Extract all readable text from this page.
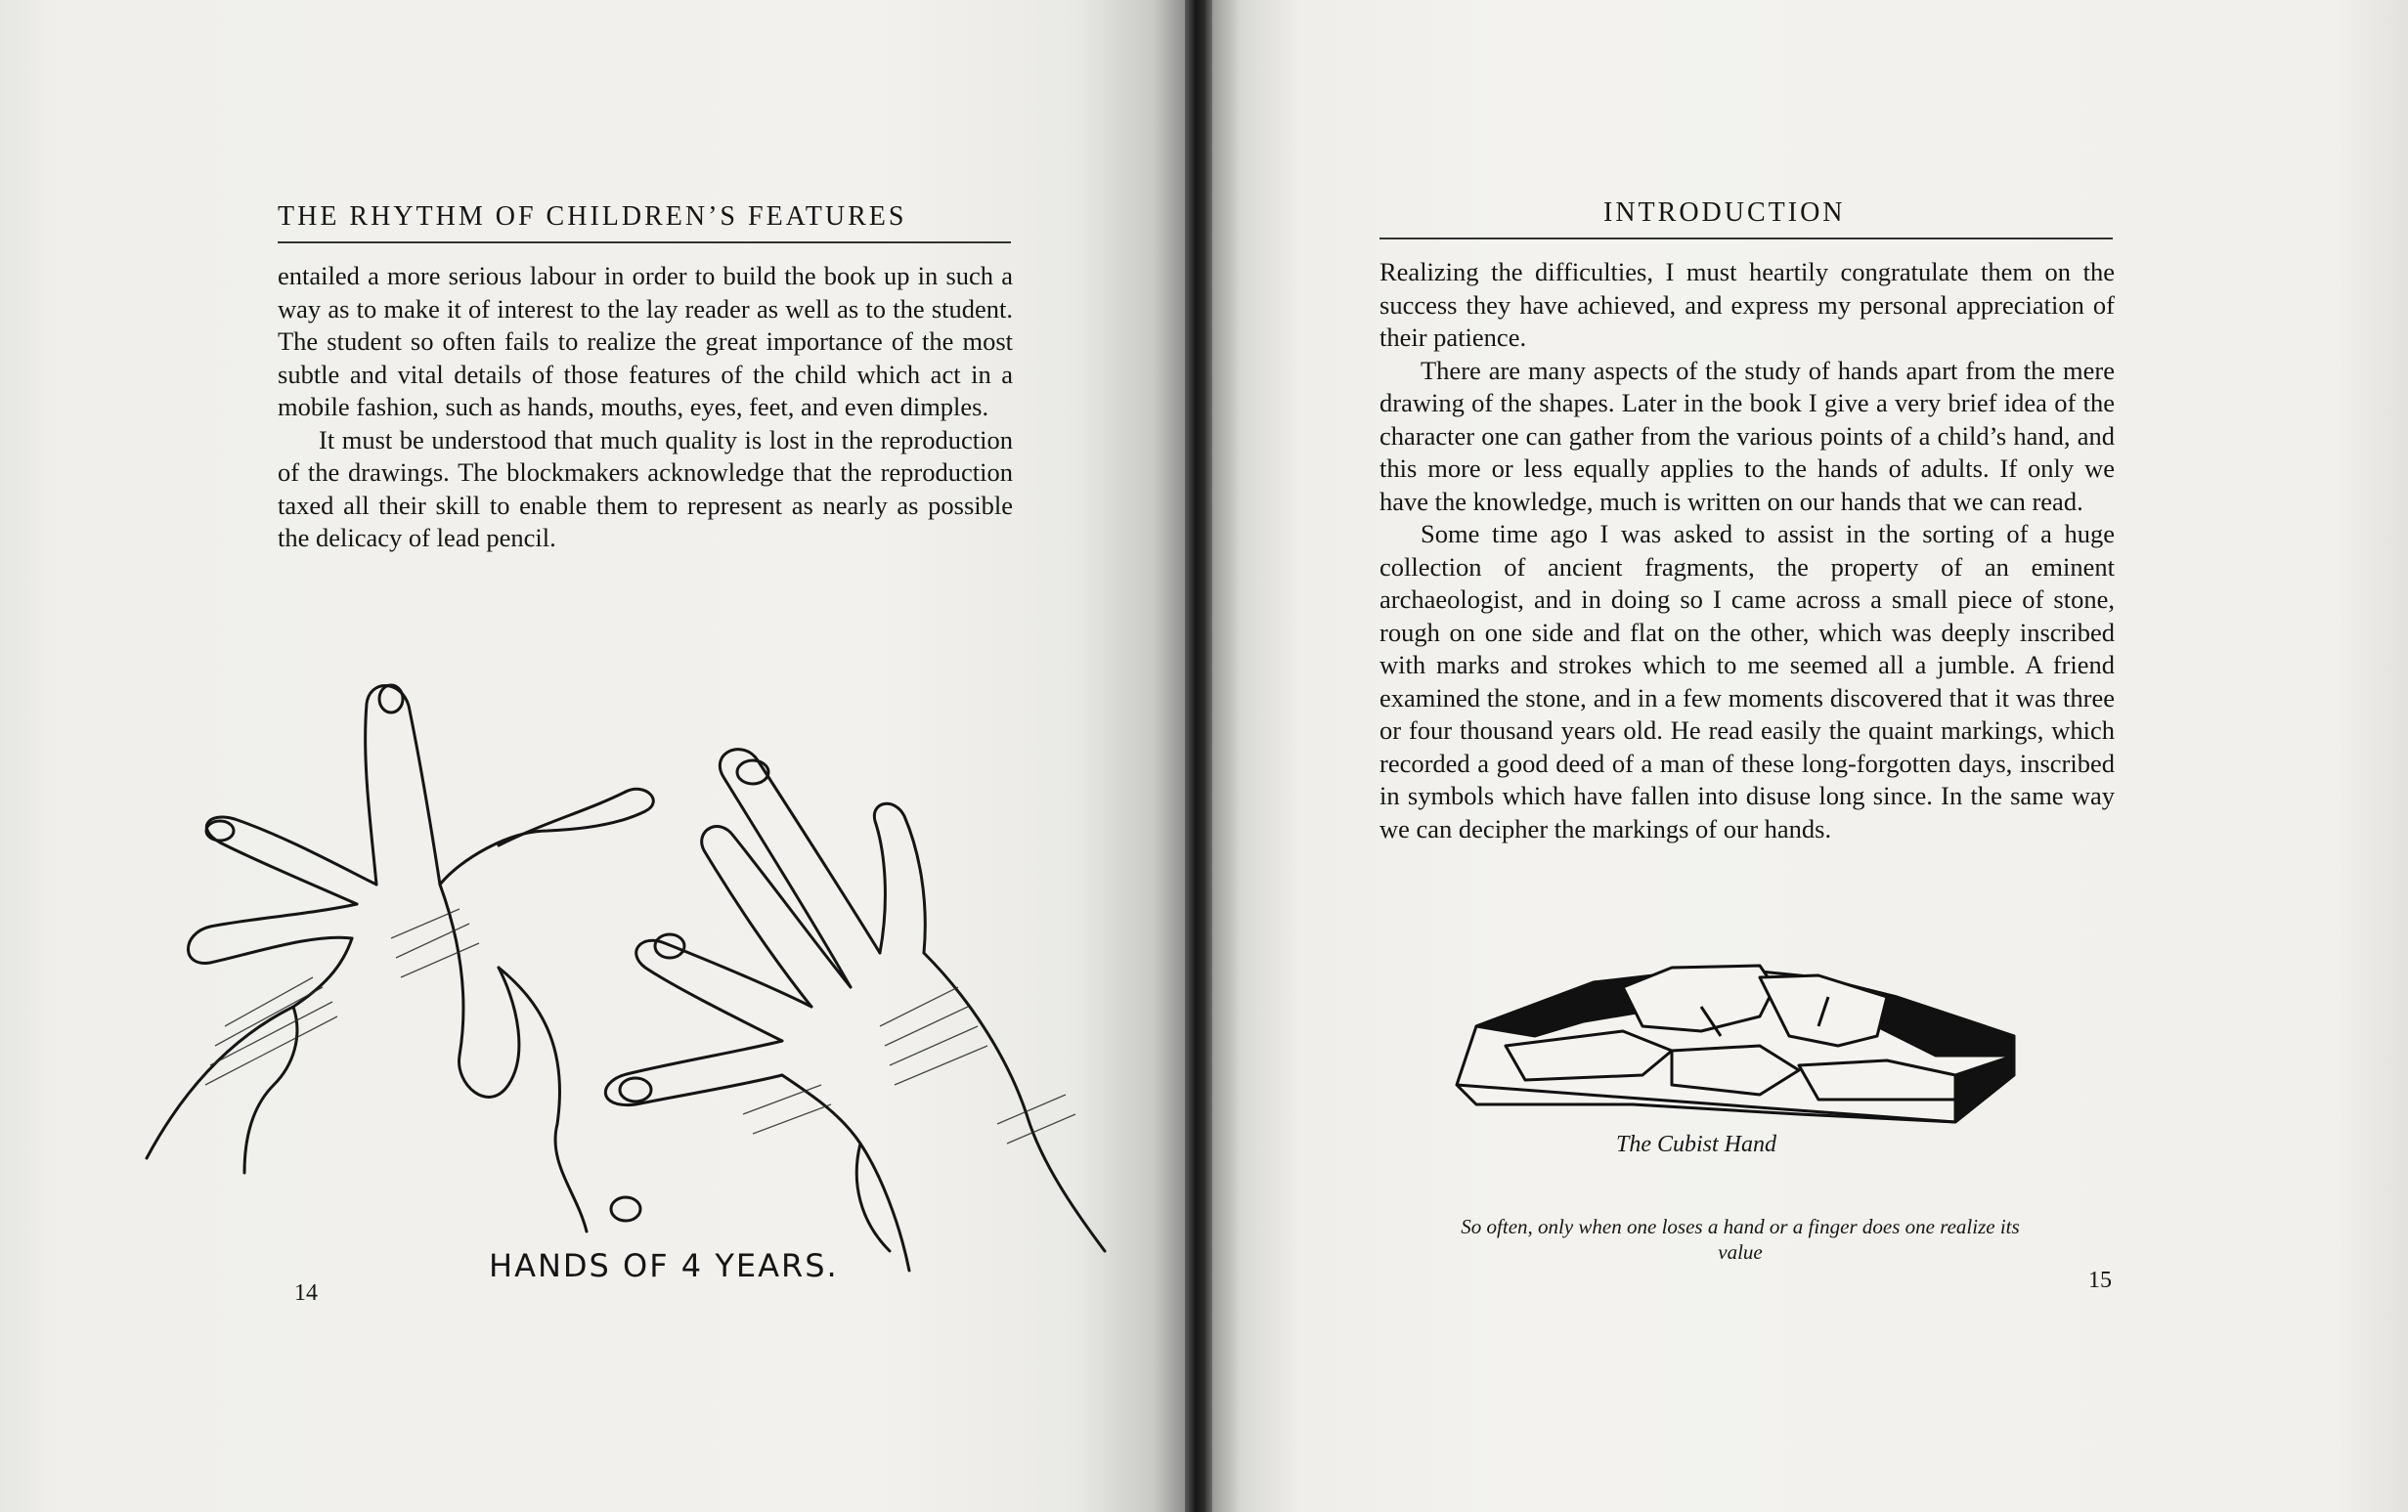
THE RHYTHM OF CHILDREN’S FEATURES

entailed a more serious labour in order to build the book up in such a way as to make it of interest to the lay reader as well as to the student. The student so often fails to realize the great importance of the most subtle and vital details of those features of the child which act in a mobile fashion, such as hands, mouths, eyes, feet, and even dimples.

It must be understood that much quality is lost in the reproduction of the drawings. The blockmakers acknowledge that the reproduction taxed all their skill to enable them to represent as nearly as possible the delicacy of lead pencil.

HANDS OF 4 YEARS.
14
INTRODUCTION

Realizing the difficulties, I must heartily congratulate them on the success they have achieved, and express my personal appreciation of their patience.

There are many aspects of the study of hands apart from the mere drawing of the shapes. Later in the book I give a very brief idea of the character one can gather from the various points of a child’s hand, and this more or less equally applies to the hands of adults. If only we have the knowledge, much is written on our hands that we can read.

Some time ago I was asked to assist in the sorting of a huge collection of ancient fragments, the property of an eminent archaeologist, and in doing so I came across a small piece of stone, rough on one side and flat on the other, which was deeply inscribed with marks and strokes which to me seemed all a jumble. A friend examined the stone, and in a few moments discovered that it was three or four thousand years old. He read easily the quaint markings, which recorded a good deed of a man of these long-forgotten days, inscribed in symbols which have fallen into disuse long since. In the same way we can decipher the markings of our hands.

The Cubist Hand
So often, only when one loses a hand or a finger does one realize its value
15
